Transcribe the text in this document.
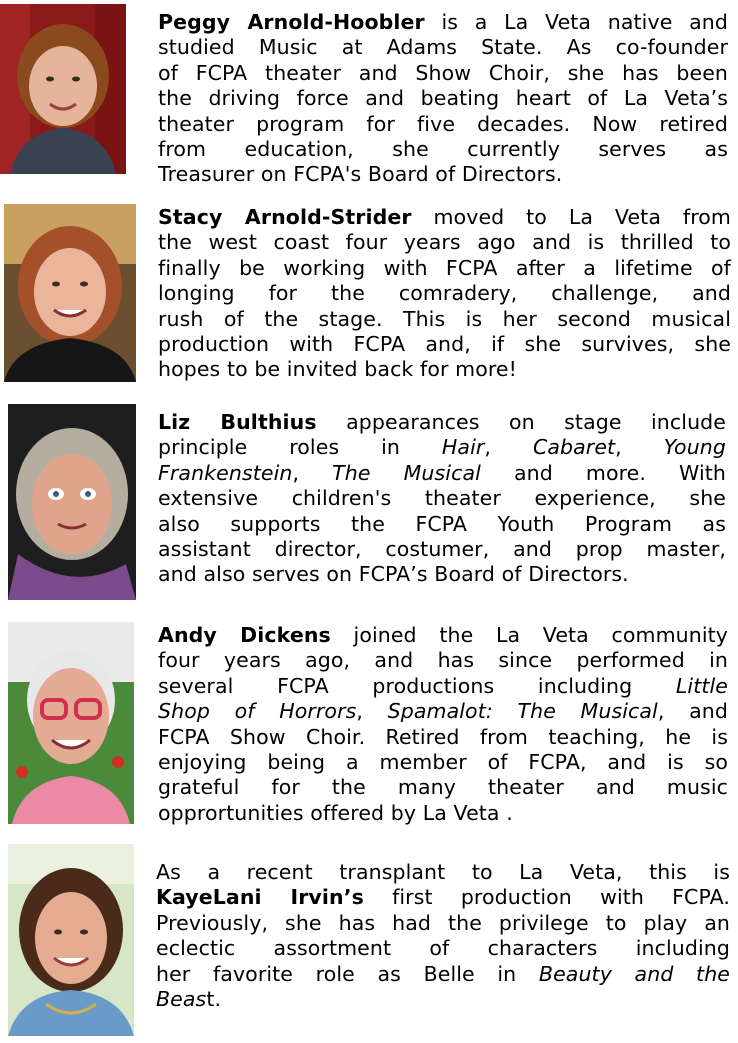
Peggy Arnold-Hoobler is a La Veta native and
studied Music at Adams State. As co-founder
of FCPA theater and Show Choir, she has been
the driving force and beating heart of La Veta’s
theater program for five decades. Now retired
from education, she currently serves as
Treasurer on FCPA's Board of Directors.
Stacy Arnold-Strider moved to La Veta from
the west coast four years ago and is thrilled to
finally be working with FCPA after a lifetime of
longing for the comradery, challenge, and
rush of the stage. This is her second musical
production with FCPA and, if she survives, she
hopes to be invited back for more!
Liz Bulthius appearances on stage include
principle roles in Hair, Cabaret, Young
Frankenstein, The Musical and more. With
extensive children's theater experience, she
also supports the FCPA Youth Program as
assistant director, costumer, and prop master,
and also serves on FCPA’s Board of Directors.
Andy Dickens joined the La Veta community
four years ago, and has since performed in
several FCPA productions including Little
Shop of Horrors, Spamalot: The Musical, and
FCPA Show Choir. Retired from teaching, he is
enjoying being a member of FCPA, and is so
grateful for the many theater and music
opprortunities offered by La Veta .
As a recent transplant to La Veta, this is
KayeLani Irvin’s first production with FCPA.
Previously, she has had the privilege to play an
eclectic assortment of characters including
her favorite role as Belle in Beauty and the
Beast.
